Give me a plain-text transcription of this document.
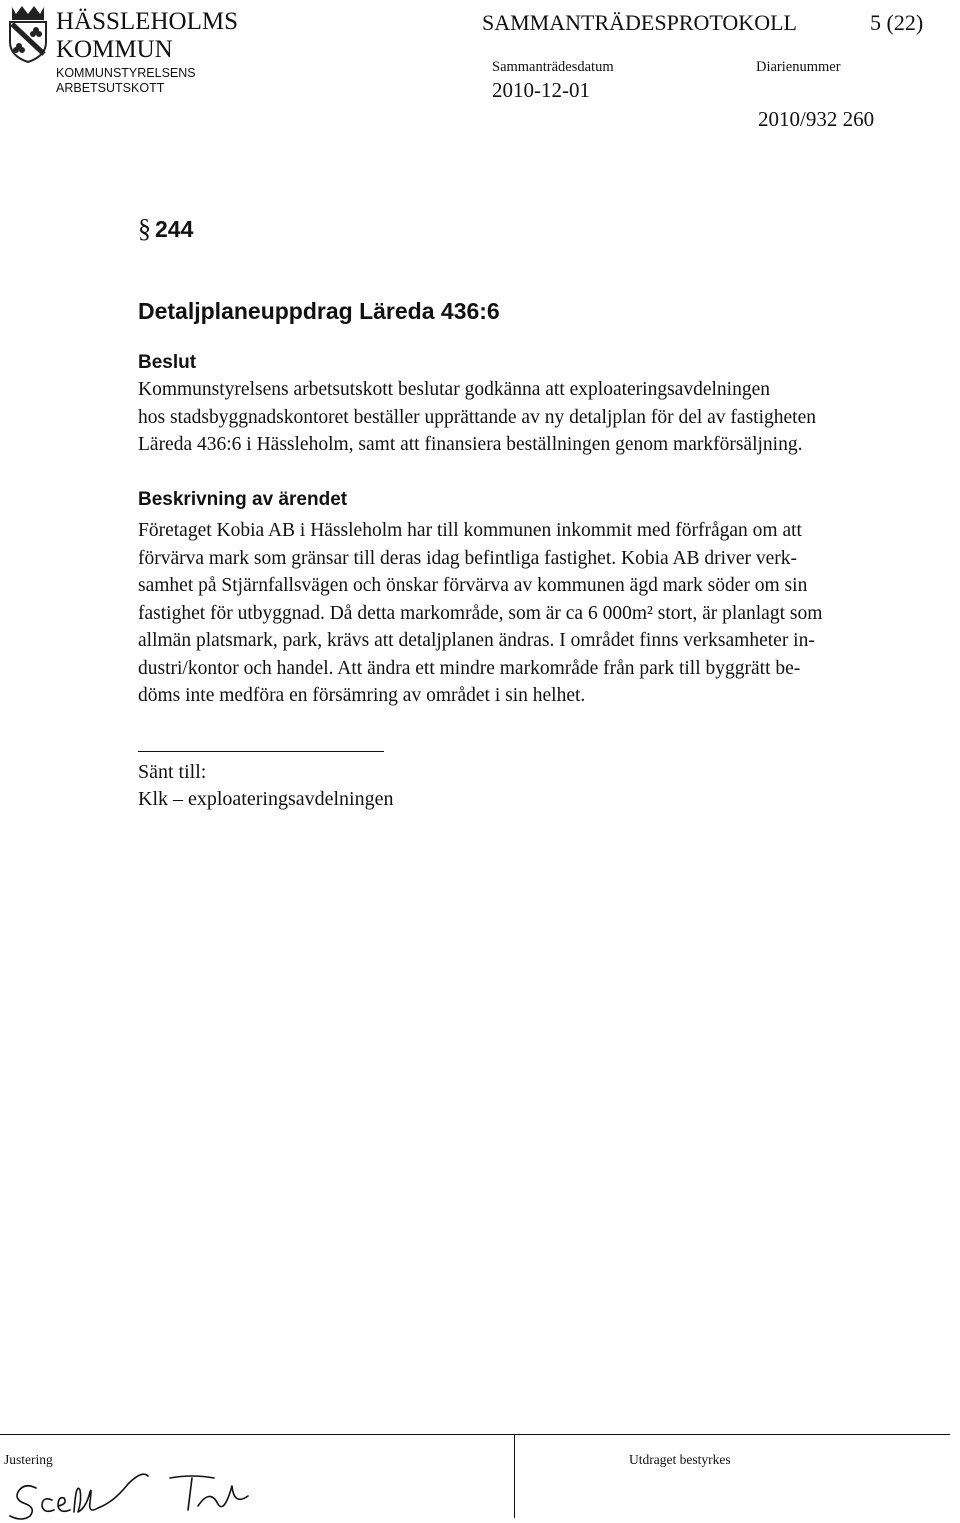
HÄSSLEHOLMS
KOMMUN
KOMMUNSTYRELSENS
ARBETSUTSKOTT
SAMMANTRÄDESPROTOKOLL	5 (22)
Sammanträdesdatum
2010-12-01
Diarienummer
2010/932 260
§ 244
Detaljplaneuppdrag Läreda 436:6
Beslut
Kommunstyrelsens arbetsutskott beslutar godkänna att exploateringsavdelningen
hos stadsbyggnadskontoret beställer upprättande av ny detaljplan för del av fastigheten
Läreda 436:6 i Hässleholm, samt att finansiera beställningen genom markförsäljning.
Beskrivning av ärendet
Företaget Kobia AB i Hässleholm har till kommunen inkommit med förfrågan om att
förvärva mark som gränsar till deras idag befintliga fastighet. Kobia AB driver verk-
samhet på Stjärnfallsvägen och önskar förvärva av kommunen ägd mark söder om sin
fastighet för utbyggnad. Då detta markområde, som är ca 6 000m² stort, är planlagt som
allmän platsmark, park, krävs att detaljplanen ändras. I området finns verksamheter in-
dustri/kontor och handel. Att ändra ett mindre markområde från park till byggrätt be-
döms inte medföra en försämring av området i sin helhet.
Sänt till:
Klk – exploateringsavdelningen
Justering	Utdraget bestyrkes
